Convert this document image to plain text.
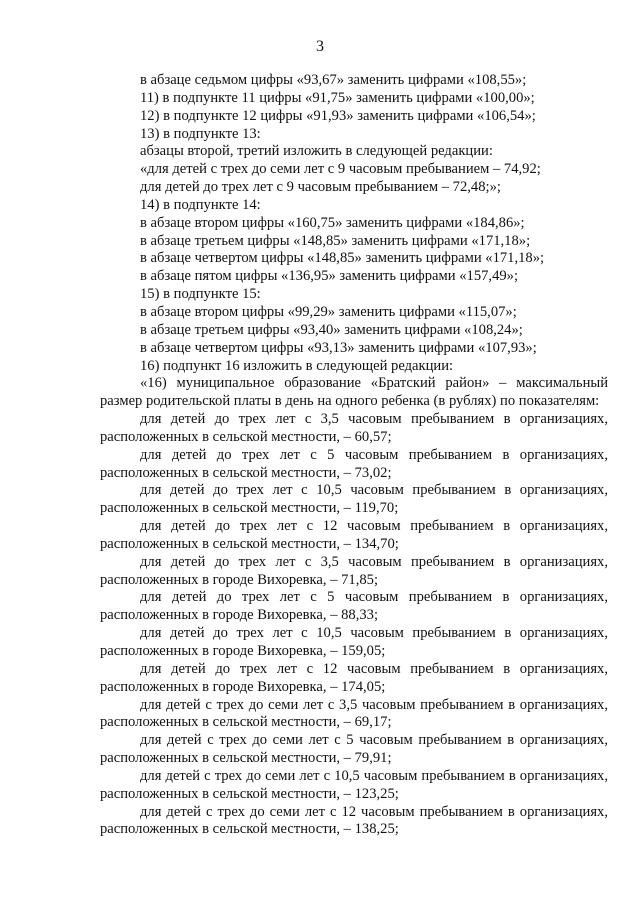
3

в абзаце седьмом цифры «93,67» заменить цифрами «108,55»;

11) в подпункте 11 цифры «91,75» заменить цифрами «100,00»;

12) в подпункте 12 цифры «91,93» заменить цифрами «106,54»;

13) в подпункте 13:

абзацы второй, третий изложить в следующей редакции:

«для детей с трех до семи лет с 9 часовым пребыванием – 74,92;

для детей до трех лет с 9 часовым пребыванием – 72,48;»;

14) в подпункте 14:

в абзаце втором цифры «160,75» заменить цифрами «184,86»;

в абзаце третьем цифры «148,85» заменить цифрами «171,18»;

в абзаце четвертом цифры «148,85» заменить цифрами «171,18»;

в абзаце пятом цифры «136,95» заменить цифрами «157,49»;

15) в подпункте 15:

в абзаце втором цифры «99,29» заменить цифрами «115,07»;

в абзаце третьем цифры «93,40» заменить цифрами «108,24»;

в абзаце четвертом цифры «93,13» заменить цифрами «107,93»;

16) подпункт 16 изложить в следующей редакции:

«16) муниципальное образование «Братский район» – максимальный

размер родительской платы в день на одного ребенка (в рублях) по показателям:

для детей до трех лет с 3,5 часовым пребыванием в организациях,

расположенных в сельской местности, – 60,57;

для детей до трех лет с 5 часовым пребыванием в организациях,

расположенных в сельской местности, – 73,02;

для детей до трех лет с 10,5 часовым пребыванием в организациях,

расположенных в сельской местности, – 119,70;

для детей до трех лет с 12 часовым пребыванием в организациях,

расположенных в сельской местности, – 134,70;

для детей до трех лет с 3,5 часовым пребыванием в организациях,

расположенных в городе Вихоревка, – 71,85;

для детей до трех лет с 5 часовым пребыванием в организациях,

расположенных в городе Вихоревка, – 88,33;

для детей до трех лет с 10,5 часовым пребыванием в организациях,

расположенных в городе Вихоревка, – 159,05;

для детей до трех лет с 12 часовым пребыванием в организациях,

расположенных в городе Вихоревка, – 174,05;

для детей с трех до семи лет с 3,5 часовым пребыванием в организациях,

расположенных в сельской местности, – 69,17;

для детей с трех до семи лет с 5 часовым пребыванием в организациях,

расположенных в сельской местности, – 79,91;

для детей с трех до семи лет с 10,5 часовым пребыванием в организациях,

расположенных в сельской местности, – 123,25;

для детей с трех до семи лет с 12 часовым пребыванием в организациях,

расположенных в сельской местности, – 138,25;
